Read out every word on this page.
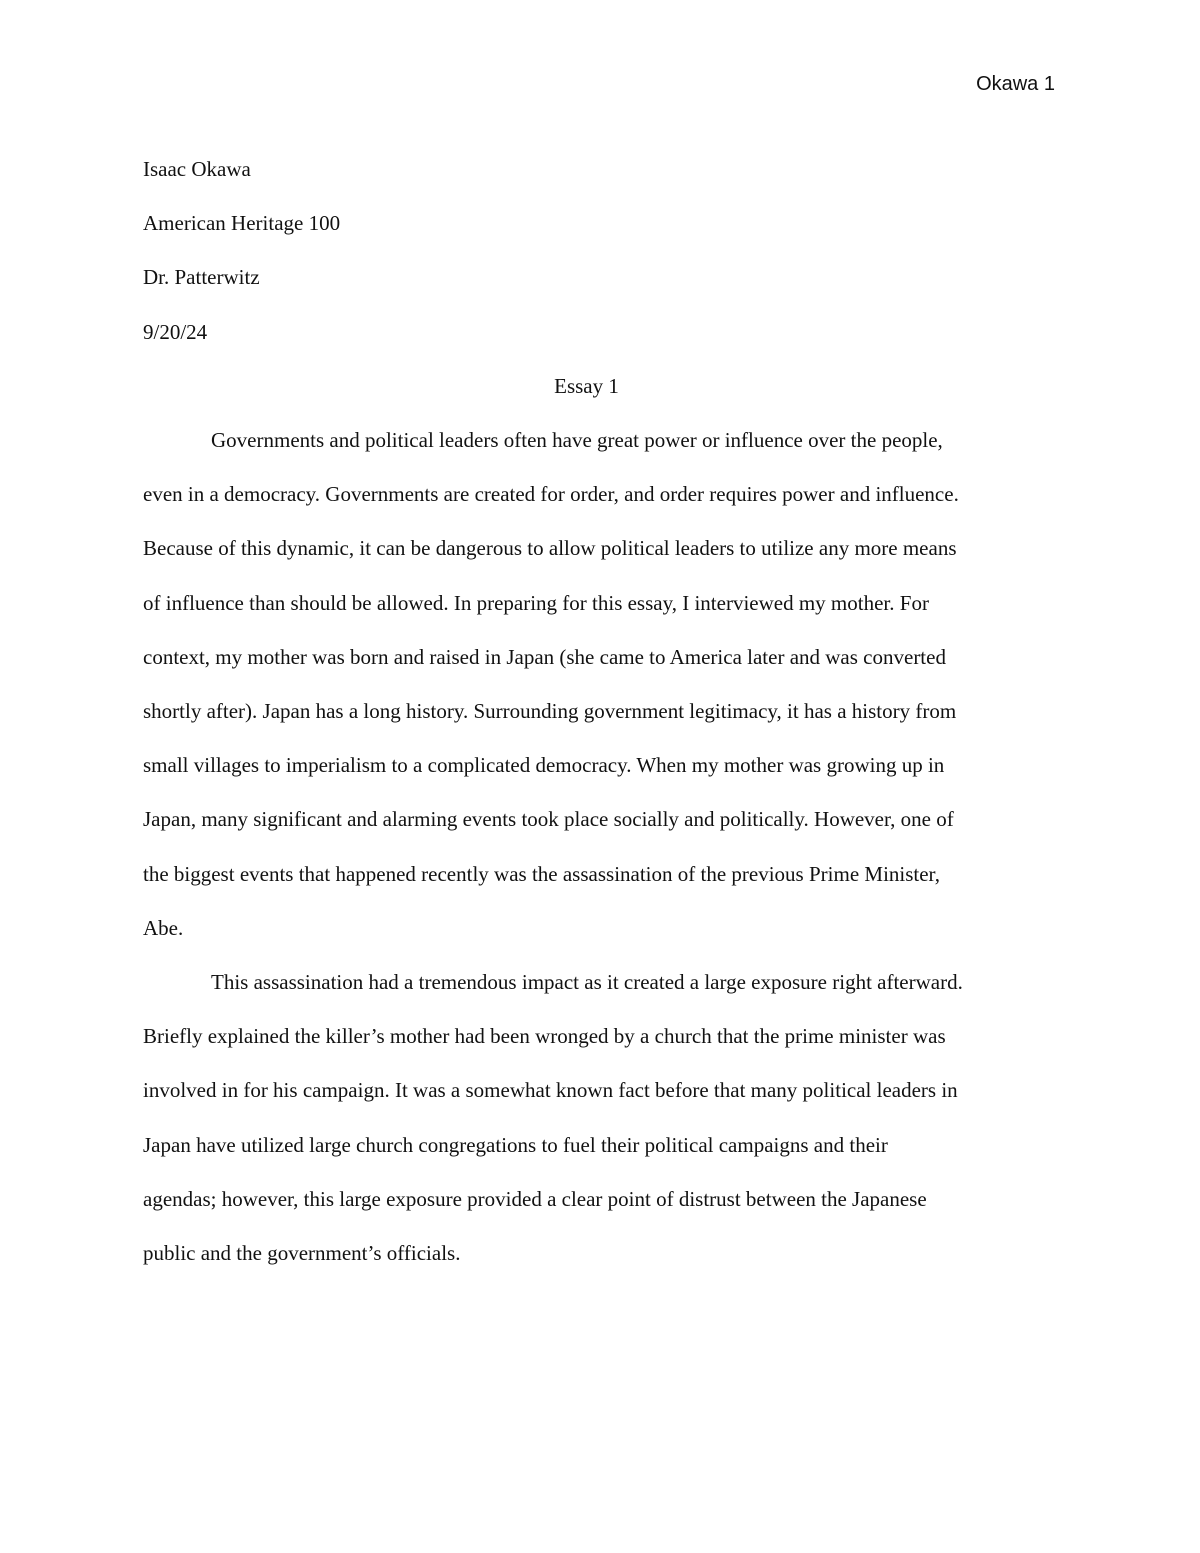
Okawa 1
Isaac Okawa
American Heritage 100
Dr. Patterwitz
9/20/24
Essay 1
Governments and political leaders often have great power or influence over the people,
even in a democracy. Governments are created for order, and order requires power and influence.
Because of this dynamic, it can be dangerous to allow political leaders to utilize any more means
of influence than should be allowed. In preparing for this essay, I interviewed my mother. For
context, my mother was born and raised in Japan (she came to America later and was converted
shortly after). Japan has a long history. Surrounding government legitimacy, it has a history from
small villages to imperialism to a complicated democracy. When my mother was growing up in
Japan, many significant and alarming events took place socially and politically. However, one of
the biggest events that happened recently was the assassination of the previous Prime Minister,
Abe.
This assassination had a tremendous impact as it created a large exposure right afterward.
Briefly explained the killer’s mother had been wronged by a church that the prime minister was
involved in for his campaign. It was a somewhat known fact before that many political leaders in
Japan have utilized large church congregations to fuel their political campaigns and their
agendas; however, this large exposure provided a clear point of distrust between the Japanese
public and the government’s officials.
